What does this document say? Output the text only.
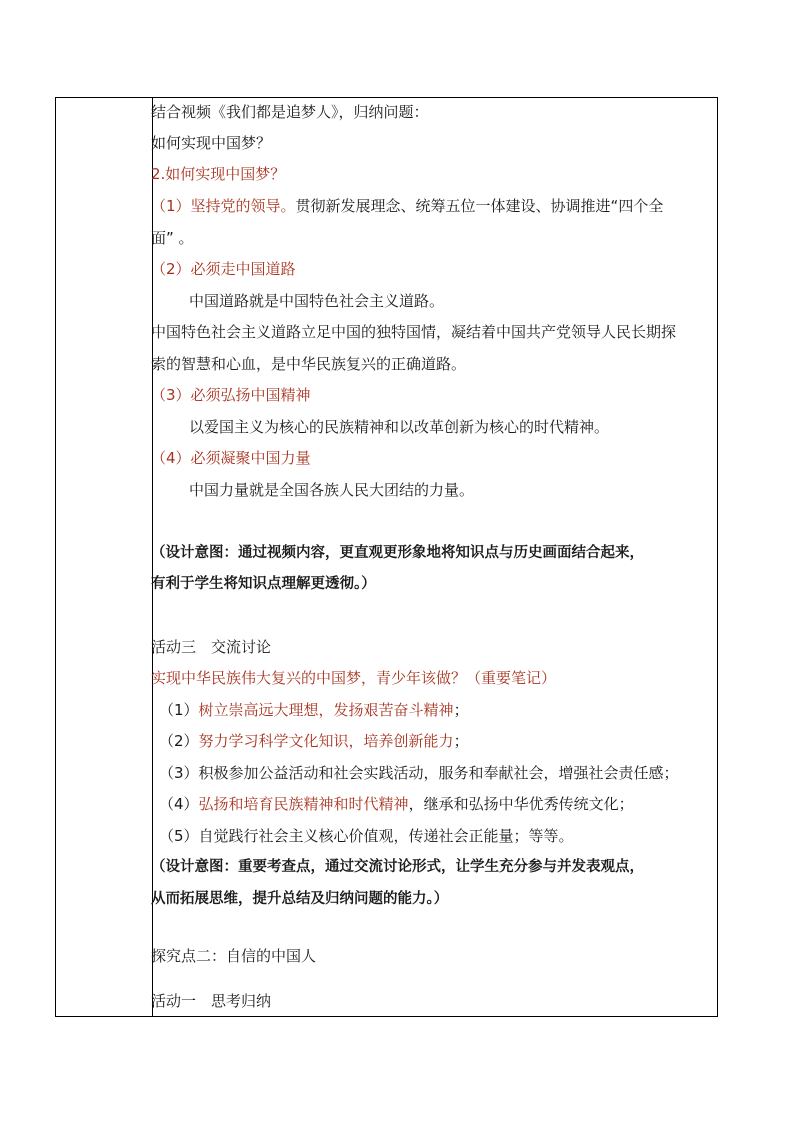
结合视频《我们都是追梦人》，归纳问题：
如何实现中国梦？
2.如何实现中国梦？
（1）坚持党的领导。贯彻新发展理念、统筹五位一体建设、协调推进“四个全
面” 。
（2）必须走中国道路
中国道路就是中国特色社会主义道路。
中国特色社会主义道路立足中国的独特国情，凝结着中国共产党领导人民长期探
索的智慧和心血，是中华民族复兴的正确道路。
（3）必须弘扬中国精神
以爱国主义为核心的民族精神和以改革创新为核心的时代精神。
（4）必须凝聚中国力量
中国力量就是全国各族人民大团结的力量。
（设计意图：通过视频内容，更直观更形象地将知识点与历史画面结合起来，
有利于学生将知识点理解更透彻。）
活动三　交流讨论
实现中华民族伟大复兴的中国梦，青少年该做？（重要笔记）
（1）树立崇高远大理想，发扬艰苦奋斗精神；
（2）努力学习科学文化知识，培养创新能力；
（3）积极参加公益活动和社会实践活动，服务和奉献社会，增强社会责任感；
（4）弘扬和培育民族精神和时代精神，继承和弘扬中华优秀传统文化；
（5）自觉践行社会主义核心价值观，传递社会正能量；等等。
（设计意图：重要考查点，通过交流讨论形式，让学生充分参与并发表观点，
从而拓展思维，提升总结及归纳问题的能力。）
探究点二：自信的中国人
活动一　思考归纳
